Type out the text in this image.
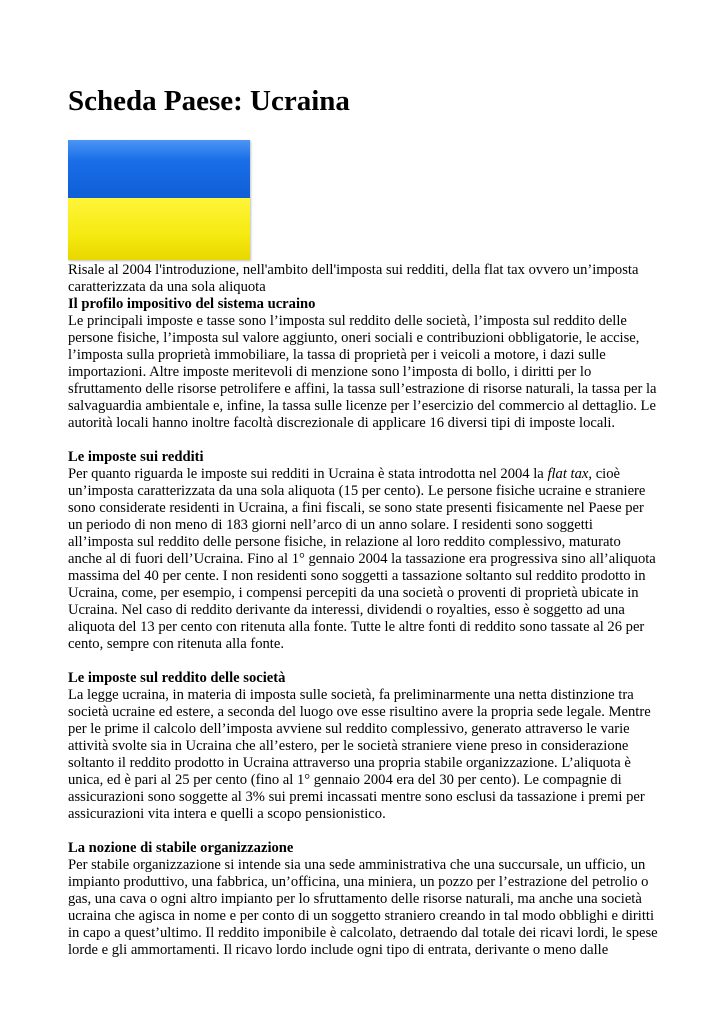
Scheda Paese: Ucraina

Risale al 2004 l'introduzione, nell'ambito dell'imposta sui redditi, della flat tax ovvero un’imposta caratterizzata da una sola aliquota

Il profilo impositivo del sistema ucraino

Le principali imposte e tasse sono l’imposta sul reddito delle società, l’imposta sul reddito delle persone fisiche, l’imposta sul valore aggiunto, oneri sociali e contribuzioni obbligatorie, le accise, l’imposta sulla proprietà immobiliare, la tassa di proprietà per i veicoli a motore, i dazi sulle importazioni. Altre imposte meritevoli di menzione sono l’imposta di bollo, i diritti per lo sfruttamento delle risorse petrolifere e affini, la tassa sull’estrazione di risorse naturali, la tassa per la salvaguardia ambientale e, infine, la tassa sulle licenze per l’esercizio del commercio al dettaglio. Le autorità locali hanno inoltre facoltà discrezionale di applicare 16 diversi tipi di imposte locali.

Le imposte sui redditi

Per quanto riguarda le imposte sui redditi in Ucraina è stata introdotta nel 2004 la flat tax, cioè un’imposta caratterizzata da una sola aliquota (15 per cento). Le persone fisiche ucraine e straniere sono considerate residenti in Ucraina, a fini fiscali, se sono state presenti fisicamente nel Paese per un periodo di non meno di 183 giorni nell’arco di un anno solare. I residenti sono soggetti all’imposta sul reddito delle persone fisiche, in relazione al loro reddito complessivo, maturato anche al di fuori dell’Ucraina. Fino al 1° gennaio 2004 la tassazione era progressiva sino all’aliquota massima del 40 per cente. I non residenti sono soggetti a tassazione soltanto sul reddito prodotto in Ucraina, come, per esempio, i compensi percepiti da una società o proventi di proprietà ubicate in Ucraina. Nel caso di reddito derivante da interessi, dividendi o royalties, esso è soggetto ad una aliquota del 13 per cento con ritenuta alla fonte. Tutte le altre fonti di reddito sono tassate al 26 per cento, sempre con ritenuta alla fonte.

Le imposte sul reddito delle società

La legge ucraina, in materia di imposta sulle società, fa preliminarmente una netta distinzione tra società ucraine ed estere, a seconda del luogo ove esse risultino avere la propria sede legale. Mentre per le prime il calcolo dell’imposta avviene sul reddito complessivo, generato attraverso le varie attività svolte sia in Ucraina che all’estero, per le società straniere viene preso in considerazione soltanto il reddito prodotto in Ucraina attraverso una propria stabile organizzazione. L’aliquota è unica, ed è pari al 25 per cento (fino al 1° gennaio 2004 era del 30 per cento). Le compagnie di assicurazioni sono soggette al 3% sui premi incassati mentre sono esclusi da tassazione i premi per assicurazioni vita intera e quelli a scopo pensionistico.

La nozione di stabile organizzazione

Per stabile organizzazione si intende sia una sede amministrativa che una succursale, un ufficio, un impianto produttivo, una fabbrica, un’officina, una miniera, un pozzo per l’estrazione del petrolio o gas, una cava o ogni altro impianto per lo sfruttamento delle risorse naturali, ma anche una società ucraina che agisca in nome e per conto di un soggetto straniero creando in tal modo obblighi e diritti in capo a quest’ultimo. Il reddito imponibile è calcolato, detraendo dal totale dei ricavi lordi, le spese lorde e gli ammortamenti. Il ricavo lordo include ogni tipo di entrata, derivante o meno dalle
